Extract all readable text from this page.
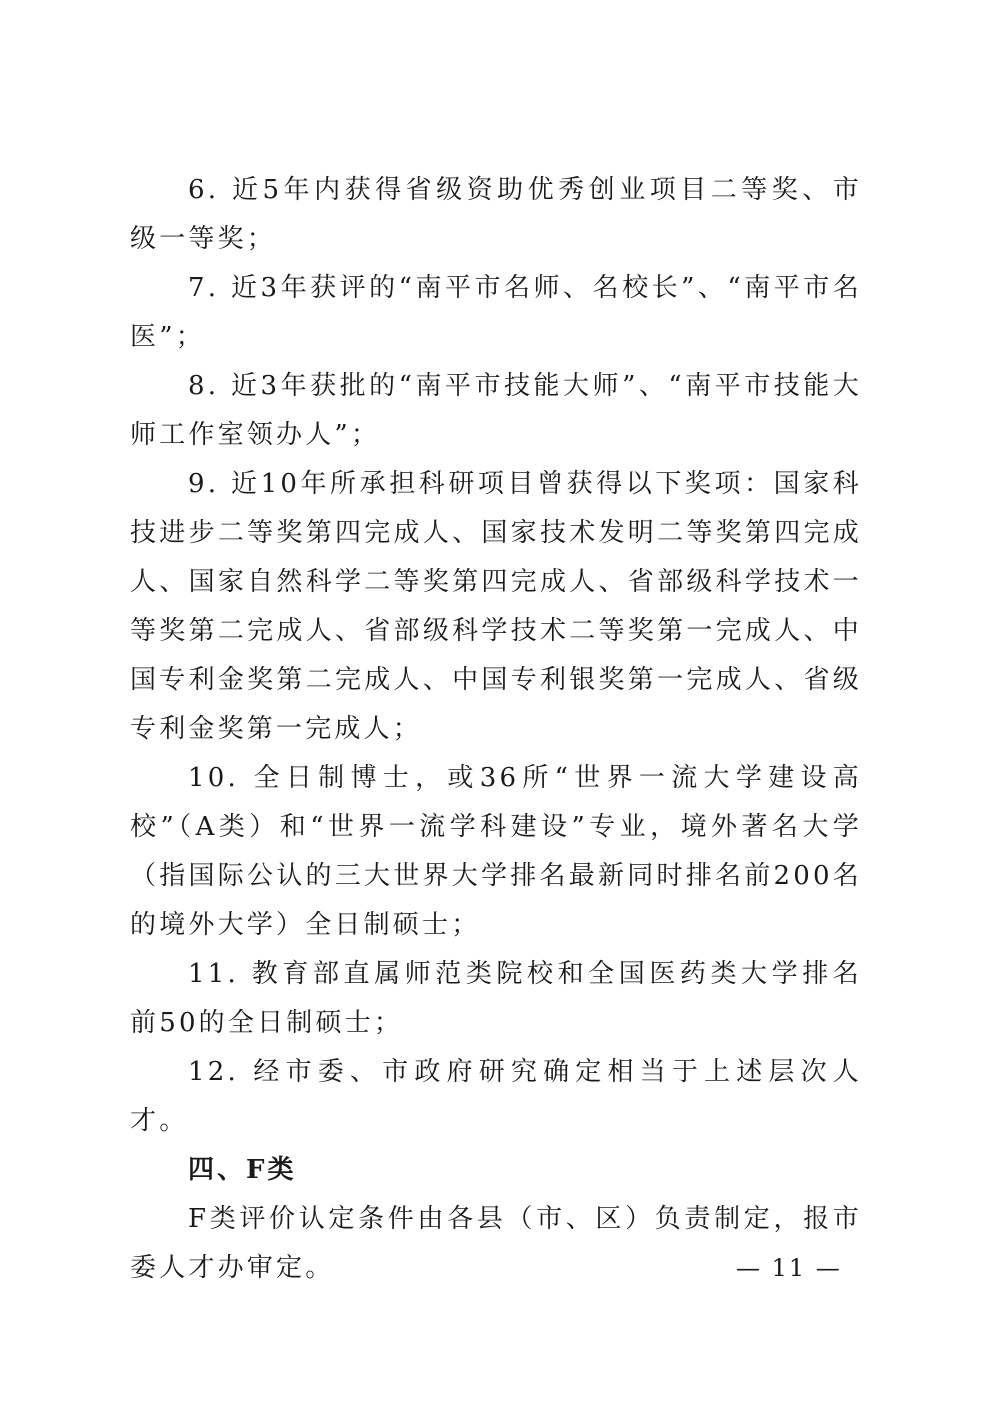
6. 近5年内获得省级资助优秀创业项目二等奖、市级一等奖；

7. 近3年获评的“南平市名师、名校长”、“南平市名医”；

8. 近3年获批的“南平市技能大师”、“南平市技能大师工作室领办人”；

9. 近10年所承担科研项目曾获得以下奖项：国家科技进步二等奖第四完成人、国家技术发明二等奖第四完成人、国家自然科学二等奖第四完成人、省部级科学技术一等奖第二完成人、省部级科学技术二等奖第一完成人、中国专利金奖第二完成人、中国专利银奖第一完成人、省级专利金奖第一完成人；

10. 全日制博士，或36所“世界一流大学建设高校”（A类）和“世界一流学科建设”专业，境外著名大学（指国际公认的三大世界大学排名最新同时排名前200名的境外大学）全日制硕士；

11. 教育部直属师范类院校和全国医药类大学排名前50的全日制硕士；

12. 经市委、市政府研究确定相当于上述层次人才。

四、F类

F类评价认定条件由各县（市、区）负责制定，报市委人才办审定。	— 11 —
